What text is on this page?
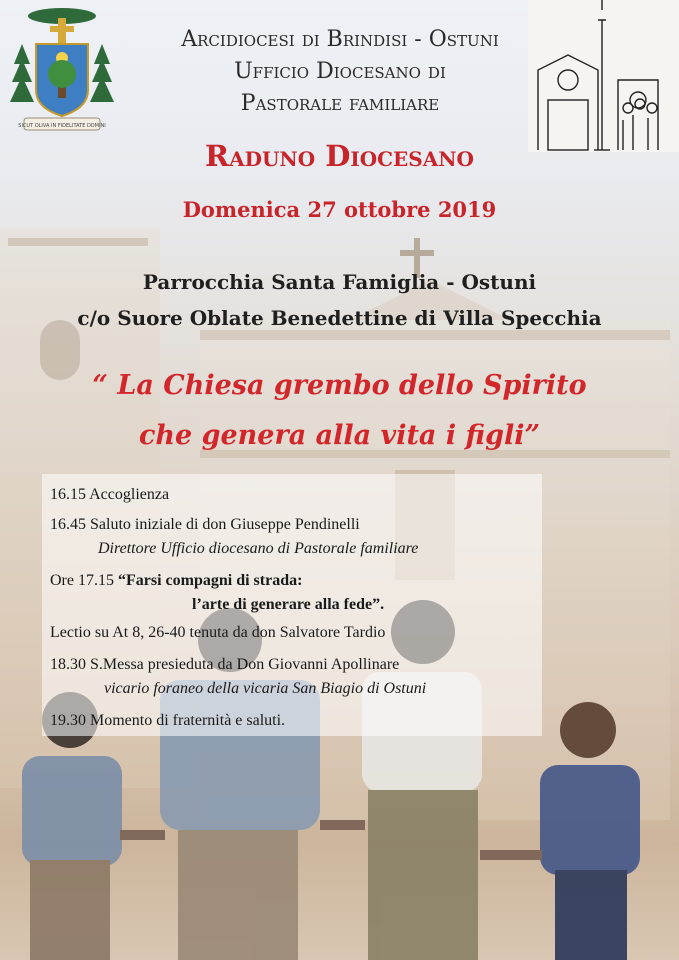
SICUT OLIVA IN FIDELITATE DOMINI
Arcidiocesi di Brindisi - Ostuni
Ufficio Diocesano di
Pastorale familiare
Raduno Diocesano
Domenica 27 ottobre 2019
Parrocchia Santa Famiglia - Ostuni
c/o Suore Oblate Benedettine di Villa Specchia
“ La Chiesa grembo dello Spirito
che genera alla vita i figli”
16.15 Accoglienza
16.45 Saluto iniziale di don Giuseppe Pendinelli
Direttore Ufficio diocesano di Pastorale familiare
Ore 17.15 “Farsi compagni di strada:
l’arte di generare alla fede”.
Lectio su At 8, 26-40 tenuta da don Salvatore Tardio
18.30 S.Messa presieduta da Don Giovanni Apollinare
vicario foraneo della vicaria San Biagio di Ostuni
19.30 Momento di fraternità e saluti.
